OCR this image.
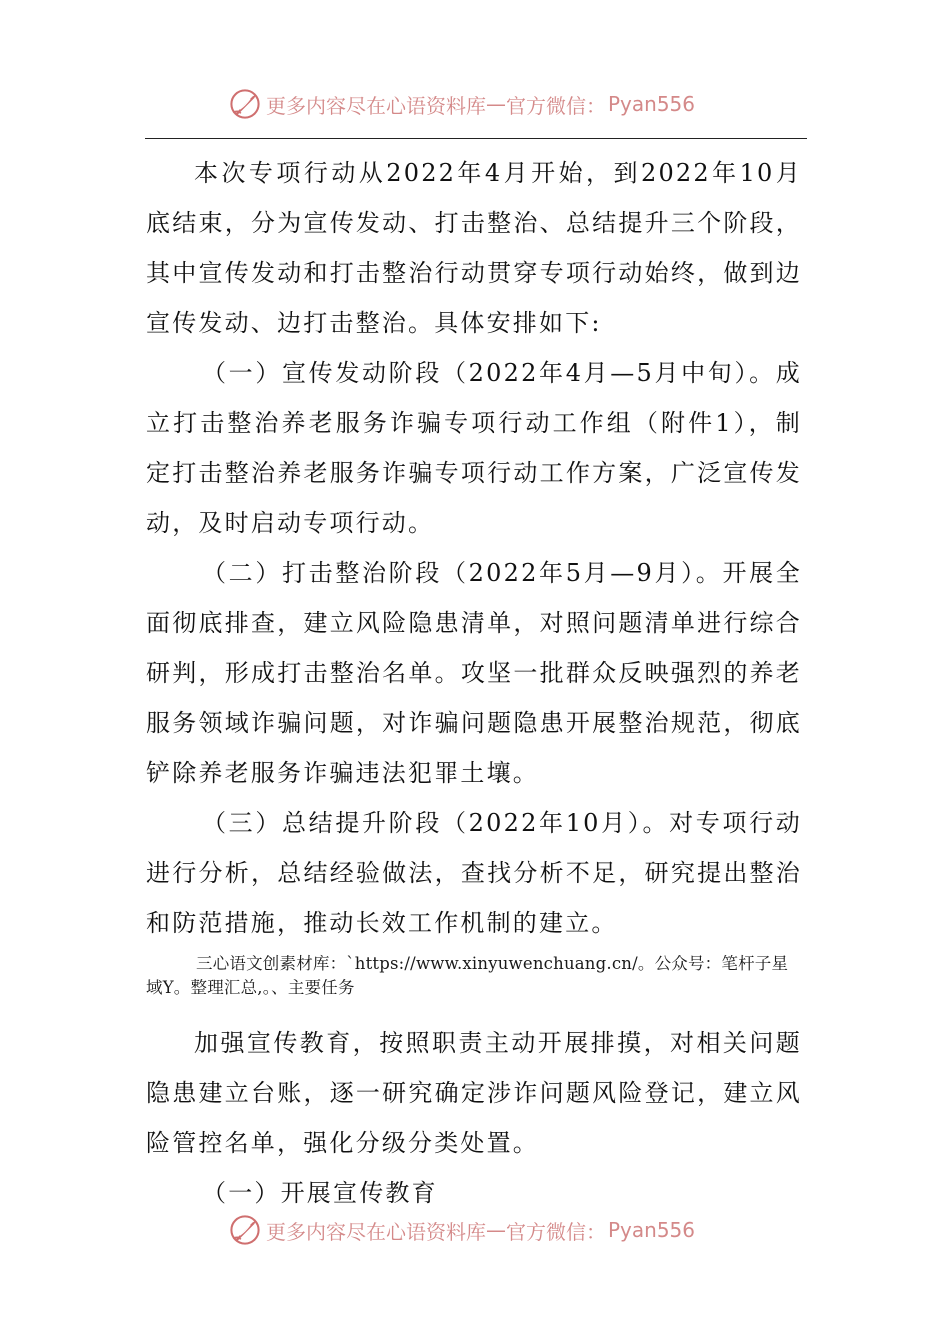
更多内容尽在心语资料库 — 官方微信： Pyan556

本次专项行动从2022年4月开始，到2022年10月底结束，分为宣传发动、打击整治、总结提升三个阶段，其中宣传发动和打击整治行动贯穿专项行动始终，做到边宣传发动、边打击整治。具体安排如下:

（一）宣传发动阶段（2022年4月—5月中旬）。成立打击整治养老服务诈骗专项行动工作组（附件1），制定打击整治养老服务诈骗专项行动工作方案，广泛宣传发动，及时启动专项行动。

（二）打击整治阶段（2022年5月—9月）。开展全面彻底排查，建立风险隐患清单，对照问题清单进行综合研判，形成打击整治名单。攻坚一批群众反映强烈的养老服务领域诈骗问题，对诈骗问题隐患开展整治规范，彻底铲除养老服务诈骗违法犯罪土壤。

（三）总结提升阶段（2022年10月）。对专项行动进行分析，总结经验做法，查找分析不足，研究提出整治和防范措施，推动长效工作机制的建立。

三心语文创素材库：`https://www.xinyuwenchuang.cn/。公众号：笔杆子星域Y。整理汇总,。、主要任务

加强宣传教育，按照职责主动开展排摸，对相关问题隐患建立台账，逐一研究确定涉诈问题风险登记，建立风险管控名单，强化分级分类处置。

（一）开展宣传教育

更多内容尽在心语资料库 — 官方微信： Pyan556
